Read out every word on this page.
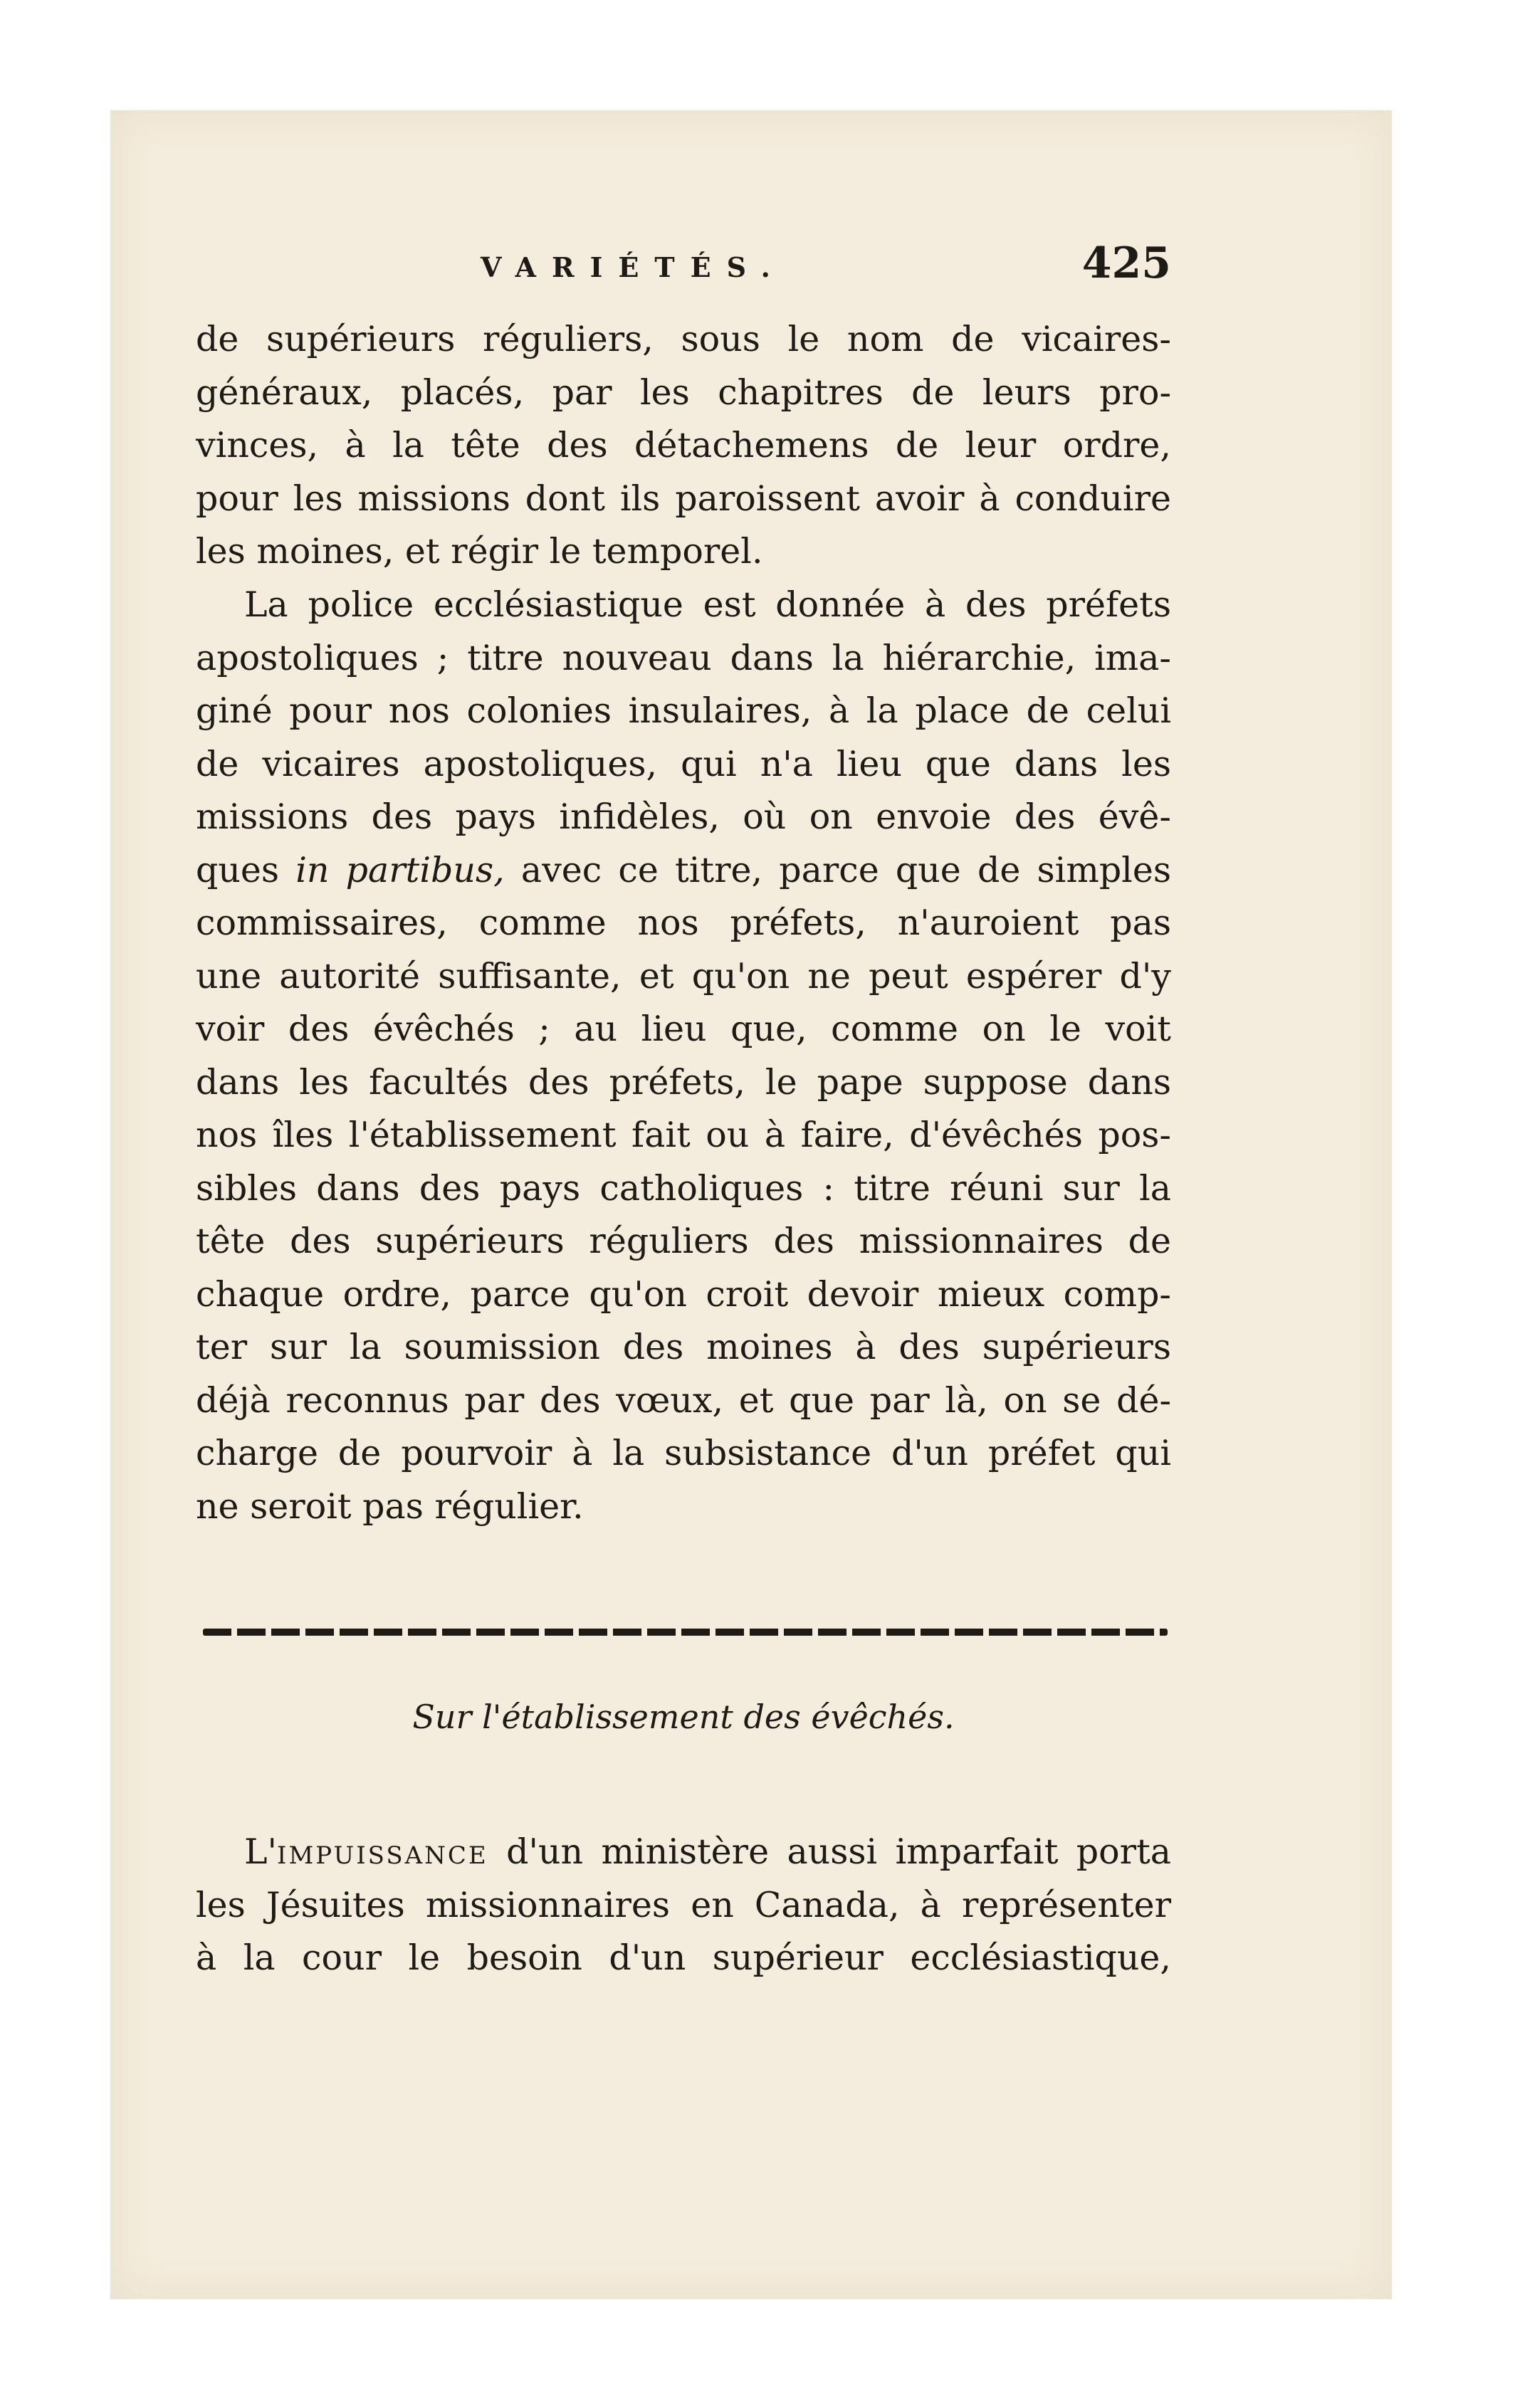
VARIÉTÉS.	425
de supérieurs réguliers, sous le nom de vicaires-
généraux, placés, par les chapitres de leurs pro-
vinces, à la tête des détachemens de leur ordre,
pour les missions dont ils paroissent avoir à conduire
les moines, et régir le temporel.
La police ecclésiastique est donnée à des préfets
apostoliques ; titre nouveau dans la hiérarchie, ima-
giné pour nos colonies insulaires, à la place de celui
de vicaires apostoliques, qui n'a lieu que dans les
missions des pays infidèles, où on envoie des évê-
ques in partibus, avec ce titre, parce que de simples
commissaires, comme nos préfets, n'auroient pas
une autorité suffisante, et qu'on ne peut espérer d'y
voir des évêchés ; au lieu que, comme on le voit
dans les facultés des préfets, le pape suppose dans
nos îles l'établissement fait ou à faire, d'évêchés pos-
sibles dans des pays catholiques : titre réuni sur la
tête des supérieurs réguliers des missionnaires de
chaque ordre, parce qu'on croit devoir mieux comp-
ter sur la soumission des moines à des supérieurs
déjà reconnus par des vœux, et que par là, on se dé-
charge de pourvoir à la subsistance d'un préfet qui
ne seroit pas régulier.
Sur l'établissement des évêchés.
L'IMPUISSANCE d'un ministère aussi imparfait porta
les Jésuites missionnaires en Canada, à représenter
à la cour le besoin d'un supérieur ecclésiastique,
